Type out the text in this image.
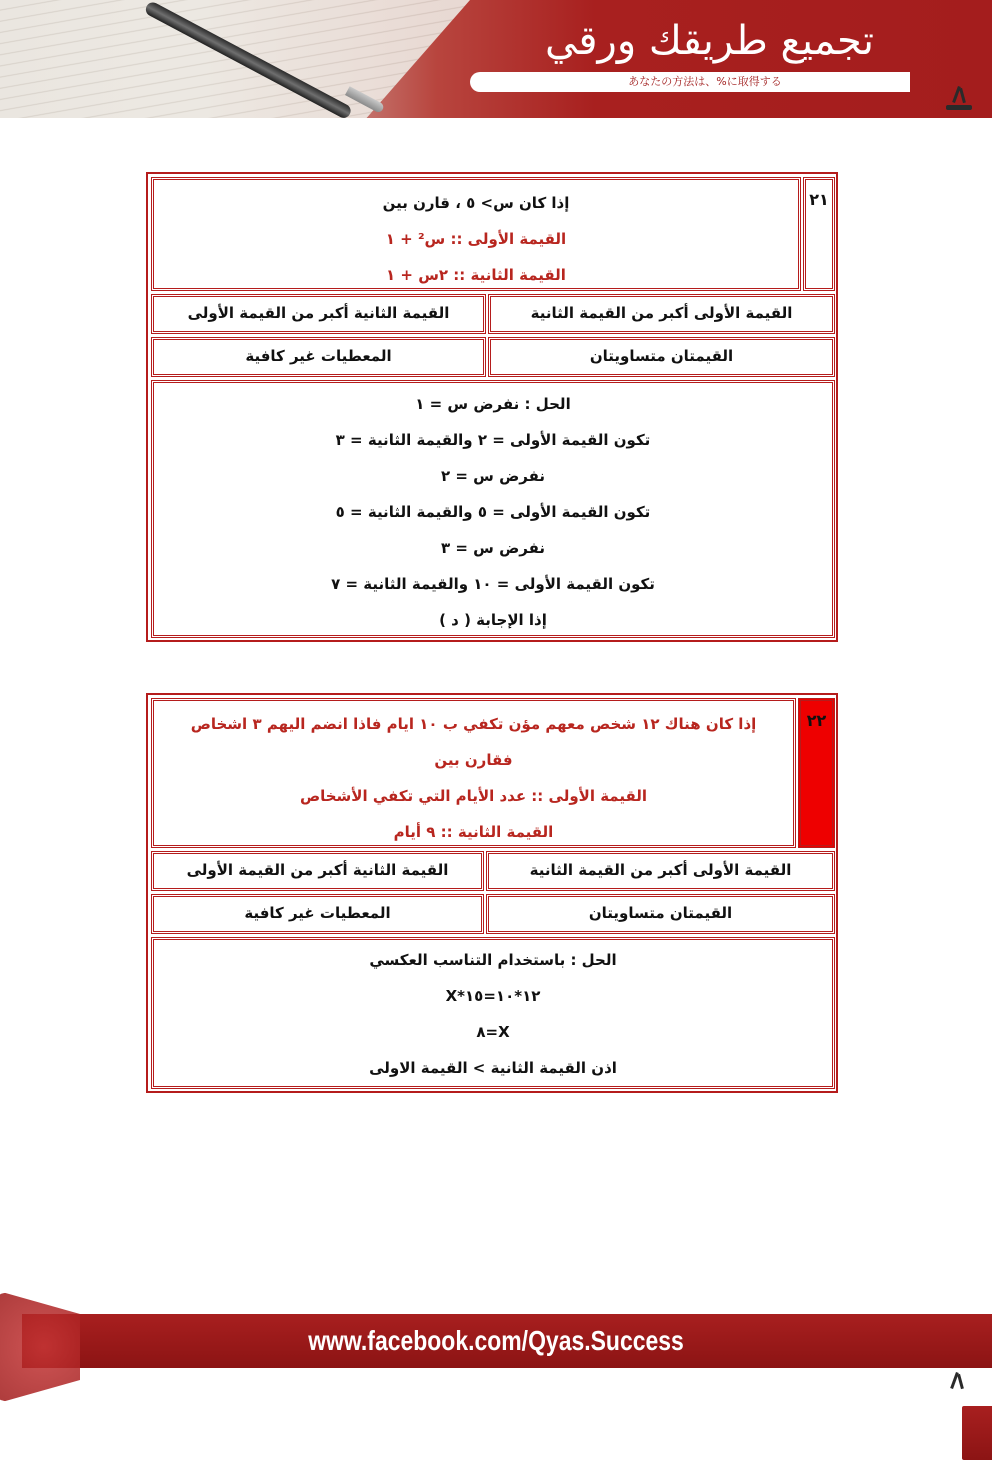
تجميع طريقك ورقي
あなたの方法は、%に取得する
٢١
إذا كان س> ٥ ، قارن بين
القيمة الأولى :: س² + ١
القيمة الثانية :: ٢س + ١
القيمة الأولى أكبر من القيمة الثانية
القيمة الثانية أكبر من القيمة الأولى
القيمتان متساويتان
المعطيات غير كافية
الحل : نفرض س = ١
تكون القيمة الأولى = ٢ والقيمة الثانية = ٣
نفرض س = ٢
تكون القيمة الأولى = ٥ والقيمة الثانية = ٥
نفرض س = ٣
تكون القيمة الأولى = ١٠ والقيمة الثانية = ٧
إذا الإجابة ( د )
٢٢
إذا كان هناك ١٢ شخص معهم مؤن تكفي ب ١٠ ايام فاذا انضم اليهم ٣ اشخاص
فقارن بين
القيمة الأولى :: عدد الأيام التي تكفي الأشخاص
القيمة الثانية :: ٩ أيام
القيمة الأولى أكبر من القيمة الثانية
القيمة الثانية أكبر من القيمة الأولى
القيمتان متساويتان
المعطيات غير كافية
الحل : باستخدام التناسب العكسي
١٢*١٠=١٥*X
X=٨
اذن القيمة الثانية > القيمة الاولى
www.facebook.com/Qyas.Success
